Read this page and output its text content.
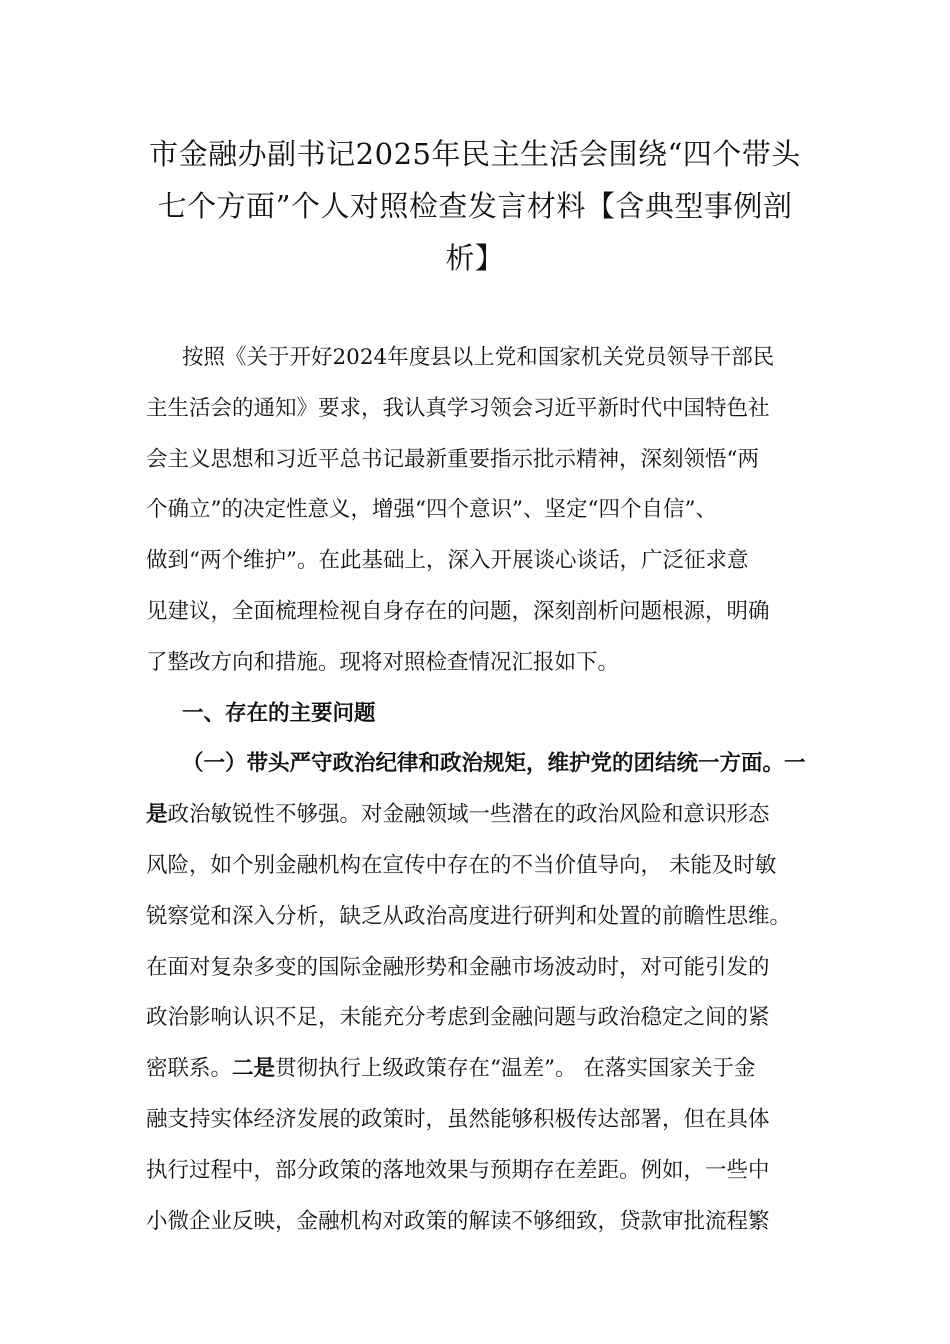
市金融办副书记2025年民主生活会围绕“四个带头
七个方面”个人对照检查发言材料【含典型事例剖
析】
按照《关于开好2024年度县以上党和国家机关党员领导干部民
主生活会的通知》要求，我认真学习领会习近平新时代中国特色社
会主义思想和习近平总书记最新重要指示批示精神，深刻领悟“两
个确立”的决定性意义，增强“四个意识”、坚定“四个自信”、
做到“两个维护”。在此基础上，深入开展谈心谈话，广泛征求意
见建议，全面梳理检视自身存在的问题，深刻剖析问题根源，明确
了整改方向和措施。现将对照检查情况汇报如下。
一、存在的主要问题
（一）带头严守政治纪律和政治规矩，维护党的团结统一方面。一
是政治敏锐性不够强。对金融领域一些潜在的政治风险和意识形态
风险，如个别金融机构在宣传中存在的不当价值导向， 未能及时敏
锐察觉和深入分析，缺乏从政治高度进行研判和处置的前瞻性思维。
在面对复杂多变的国际金融形势和金融市场波动时，对可能引发的
政治影响认识不足，未能充分考虑到金融问题与政治稳定之间的紧
密联系。二是贯彻执行上级政策存在“温差”。 在落实国家关于金
融支持实体经济发展的政策时，虽然能够积极传达部署，但在具体
执行过程中，部分政策的落地效果与预期存在差距。例如，一些中
小微企业反映，金融机构对政策的解读不够细致，贷款审批流程繁
